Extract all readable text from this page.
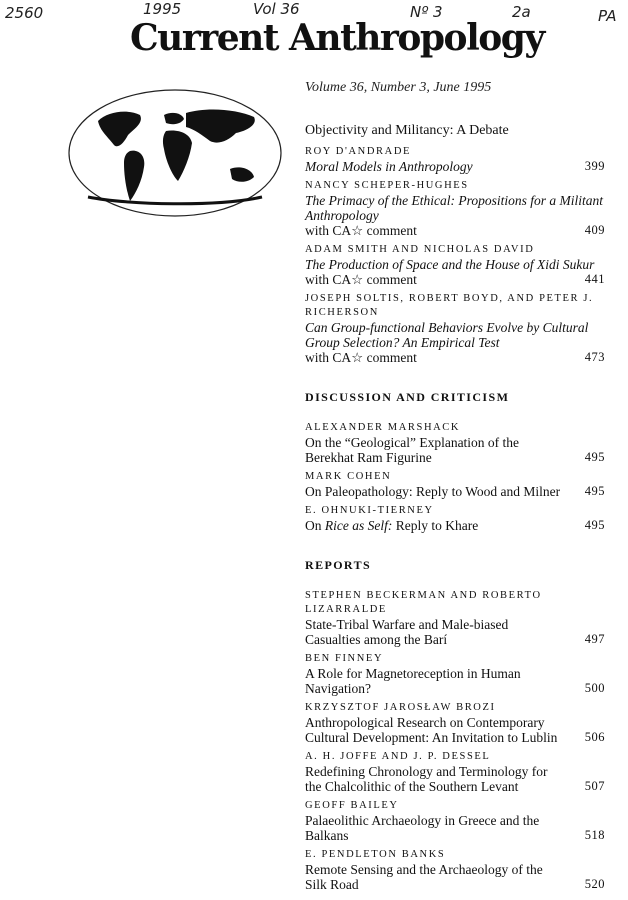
2560	1995	Vol 36	Nº 3	2a	PA
Current Anthropology
Volume 36, Number 3, June 1995
Objectivity and Militancy: A Debate
ROY D'ANDRADE
Moral Models in Anthropology	399
NANCY SCHEPER-HUGHES
The Primacy of the Ethical: Propositions for a Militant Anthropology
with CA☆ comment	409
ADAM SMITH AND NICHOLAS DAVID
The Production of Space and the House of Xidi Sukur
with CA☆ comment	441
JOSEPH SOLTIS, ROBERT BOYD, AND PETER J. RICHERSON
Can Group-functional Behaviors Evolve by Cultural Group Selection? An Empirical Test
with CA☆ comment	473
DISCUSSION AND CRITICISM
ALEXANDER MARSHACK
On the “Geological” Explanation of the Berekhat Ram Figurine	495
MARK COHEN
On Paleopathology: Reply to Wood and Milner	495
E. OHNUKI-TIERNEY
On Rice as Self: Reply to Khare	495
REPORTS
STEPHEN BECKERMAN AND ROBERTO LIZARRALDE
State-Tribal Warfare and Male-biased Casualties among the Barí	497
BEN FINNEY
A Role for Magnetoreception in Human Navigation?	500
KRZYSZTOF JAROSŁAW BROZI
Anthropological Research on Contemporary Cultural Development: An Invitation to Lublin 506
A. H. JOFFE AND J. P. DESSEL
Redefining Chronology and Terminology for the Chalcolithic of the Southern Levant	507
GEOFF BAILEY
Palaeolithic Archaeology in Greece and the Balkans	518
E. PENDLETON BANKS
Remote Sensing and the Archaeology of the Silk Road	520
